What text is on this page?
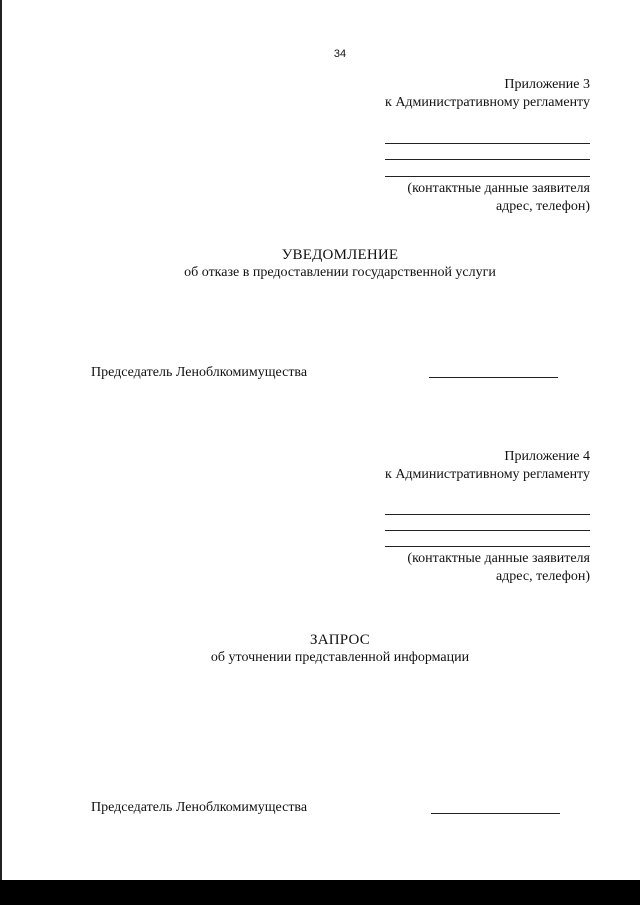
34
Приложение 3
к Административному регламенту
(контактные данные заявителя
адрес, телефон)
УВЕДОМЛЕНИЕ
об отказе в предоставлении государственной услуги
Председатель Леноблкомимущества
Приложение 4
к Административному регламенту
(контактные данные заявителя
адрес, телефон)
ЗАПРОС
об уточнении представленной информации
Председатель Леноблкомимущества
